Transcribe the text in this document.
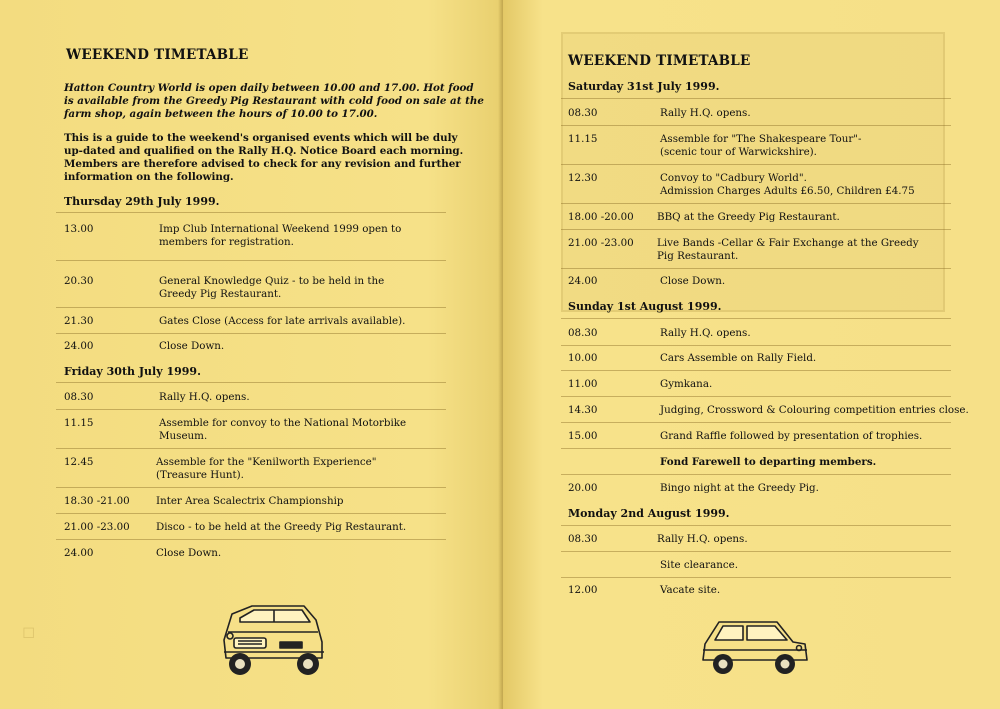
WEEKEND TIMETABLE
Hatton Country World is open daily between 10.00 and 17.00. Hot food
is available from the Greedy Pig Restaurant with cold food on sale at the
farm shop, again between the hours of 10.00 to 17.00.
This is a guide to the weekend's organised events which will be duly
up-dated and qualified on the Rally H.Q. Notice Board each morning.
Members are therefore advised to check for any revision and further
information on the following.
Thursday 29th July 1999.
13.00	Imp Club International Weekend 1999 open to
members for registration.
20.30	General Knowledge Quiz - to be held in the
Greedy Pig Restaurant.
21.30	Gates Close (Access for late arrivals available).
24.00	Close Down.
Friday 30th July 1999.
08.30	Rally H.Q. opens.
11.15	Assemble for convoy to the National Motorbike
Museum.
12.45	Assemble for the "Kenilworth Experience"
(Treasure Hunt).
18.30 -21.00	Inter Area Scalectrix Championship
21.00 -23.00	Disco - to be held at the Greedy Pig Restaurant.
24.00	Close Down.
◻
WEEKEND TIMETABLE
Saturday 31st July 1999.
08.30	Rally H.Q. opens.
11.15	Assemble for "The Shakespeare Tour"-
(scenic tour of Warwickshire).
12.30	Convoy to "Cadbury World".
Admission Charges Adults £6.50, Children £4.75
18.00 -20.00 BBQ at the Greedy Pig Restaurant.
21.00 -23.00 Live Bands -Cellar & Fair Exchange at the Greedy
Pig Restaurant.
24.00	Close Down.
Sunday 1st August 1999.
08.30	Rally H.Q. opens.
10.00	Cars Assemble on Rally Field.
11.00	Gymkana.
14.30	Judging, Crossword & Colouring competition entries close.
15.00	Grand Raffle followed by presentation of trophies.
Fond Farewell to departing members.
20.00	Bingo night at the Greedy Pig.
Monday 2nd August 1999.
08.30	Rally H.Q. opens.
Site clearance.
12.00	Vacate site.
